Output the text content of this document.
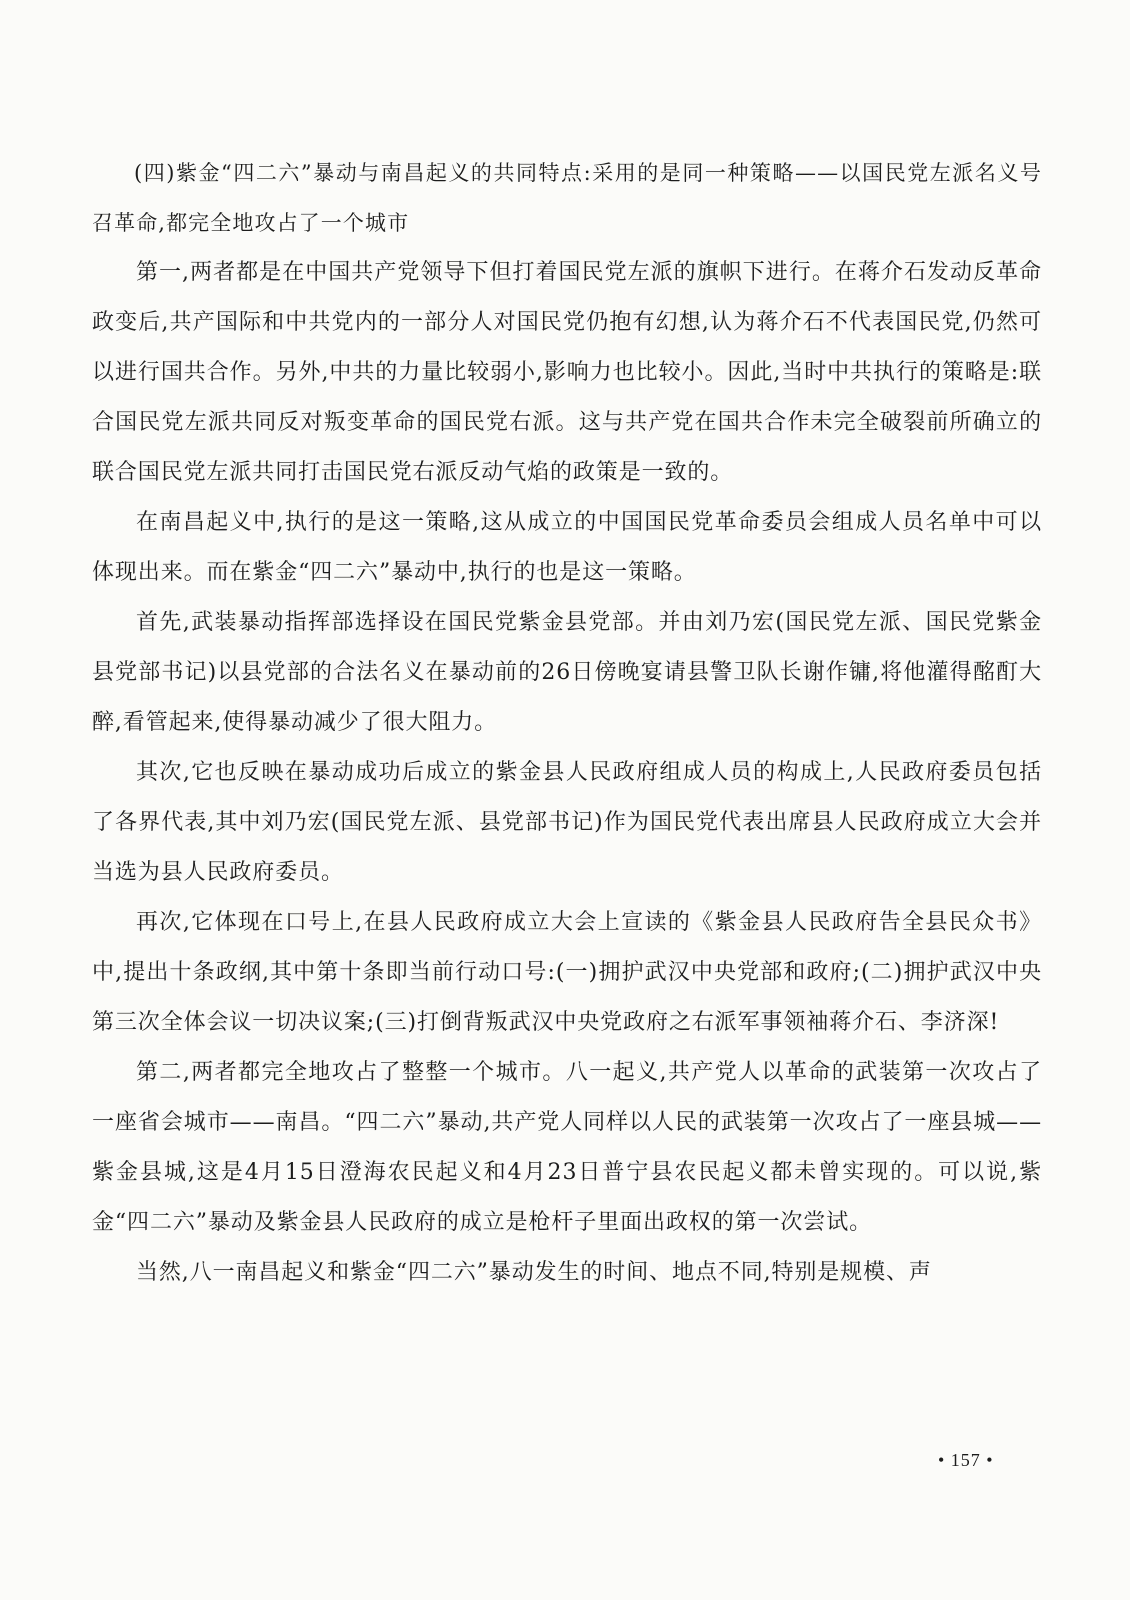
(四)紫金“四二六”暴动与南昌起义的共同特点:采用的是同一种策略——以国民党左派名义号召革命,都完全地攻占了一个城市

第一,两者都是在中国共产党领导下但打着国民党左派的旗帜下进行。在蒋介石发动反革命政变后,共产国际和中共党内的一部分人对国民党仍抱有幻想,认为蒋介石不代表国民党,仍然可以进行国共合作。另外,中共的力量比较弱小,影响力也比较小。因此,当时中共执行的策略是:联合国民党左派共同反对叛变革命的国民党右派。这与共产党在国共合作未完全破裂前所确立的联合国民党左派共同打击国民党右派反动气焰的政策是一致的。

在南昌起义中,执行的是这一策略,这从成立的中国国民党革命委员会组成人员名单中可以体现出来。而在紫金“四二六”暴动中,执行的也是这一策略。

首先,武装暴动指挥部选择设在国民党紫金县党部。并由刘乃宏(国民党左派、国民党紫金县党部书记)以县党部的合法名义在暴动前的26日傍晚宴请县警卫队长谢作镛,将他灌得酩酊大醉,看管起来,使得暴动减少了很大阻力。

其次,它也反映在暴动成功后成立的紫金县人民政府组成人员的构成上,人民政府委员包括了各界代表,其中刘乃宏(国民党左派、县党部书记)作为国民党代表出席县人民政府成立大会并当选为县人民政府委员。

再次,它体现在口号上,在县人民政府成立大会上宣读的《紫金县人民政府告全县民众书》中,提出十条政纲,其中第十条即当前行动口号:(一)拥护武汉中央党部和政府;(二)拥护武汉中央第三次全体会议一切决议案;(三)打倒背叛武汉中央党政府之右派军事领袖蒋介石、李济深!

第二,两者都完全地攻占了整整一个城市。八一起义,共产党人以革命的武装第一次攻占了一座省会城市——南昌。“四二六”暴动,共产党人同样以人民的武装第一次攻占了一座县城——紫金县城,这是4月15日澄海农民起义和4月23日普宁县农民起义都未曾实现的。可以说,紫金“四二六”暴动及紫金县人民政府的成立是枪杆子里面出政权的第一次尝试。

当然,八一南昌起义和紫金“四二六”暴动发生的时间、地点不同,特别是规模、声

• 157 •
